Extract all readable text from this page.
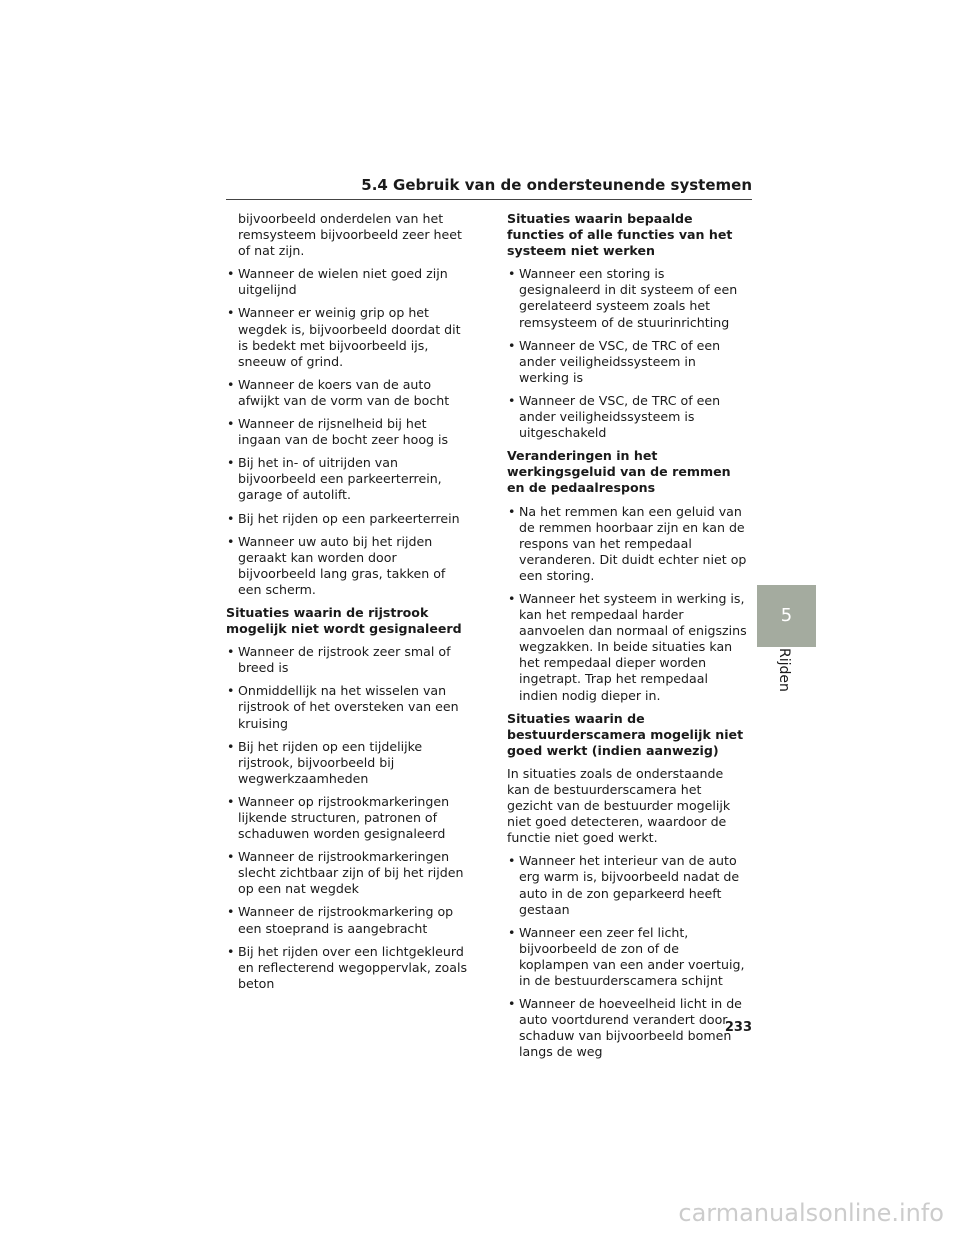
5.4 Gebruik van de ondersteunende systemen

bijvoorbeeld onderdelen van het remsysteem bijvoorbeeld zeer heet of nat zijn.

• Wanneer de wielen niet goed zijn uitgelijnd
• Wanneer er weinig grip op het wegdek is, bijvoorbeeld doordat dit is bedekt met bijvoorbeeld ijs, sneeuw of grind.
• Wanneer de koers van de auto afwijkt van de vorm van de bocht
• Wanneer de rijsnelheid bij het ingaan van de bocht zeer hoog is
• Bij het in- of uitrijden van bijvoorbeeld een parkeerterrein, garage of autolift.
• Bij het rijden op een parkeerterrein
• Wanneer uw auto bij het rijden geraakt kan worden door bijvoorbeeld lang gras, takken of een scherm.

Situaties waarin de rijstrook mogelijk niet wordt gesignaleerd

• Wanneer de rijstrook zeer smal of breed is
• Onmiddellijk na het wisselen van rijstrook of het oversteken van een kruising
• Bij het rijden op een tijdelijke rijstrook, bijvoorbeeld bij wegwerkzaamheden
• Wanneer op rijstrookmarkeringen lijkende structuren, patronen of schaduwen worden gesignaleerd
• Wanneer de rijstrookmarkeringen slecht zichtbaar zijn of bij het rijden op een nat wegdek
• Wanneer de rijstrookmarkering op een stoeprand is aangebracht
• Bij het rijden over een lichtgekleurd en reflecterend wegoppervlak, zoals beton

Situaties waarin bepaalde functies of alle functies van het systeem niet werken

• Wanneer een storing is gesignaleerd in dit systeem of een gerelateerd systeem zoals het remsysteem of de stuurinrichting
• Wanneer de VSC, de TRC of een ander veiligheidssysteem in werking is
• Wanneer de VSC, de TRC of een ander veiligheidssysteem is uitgeschakeld

Veranderingen in het werkingsgeluid van de remmen en de pedaalrespons

• Na het remmen kan een geluid van de remmen hoorbaar zijn en kan de respons van het rempedaal veranderen. Dit duidt echter niet op een storing.
• Wanneer het systeem in werking is, kan het rempedaal harder aanvoelen dan normaal of enigszins wegzakken. In beide situaties kan het rempedaal dieper worden ingetrapt. Trap het rempedaal indien nodig dieper in.

Situaties waarin de bestuurderscamera mogelijk niet goed werkt (indien aanwezig)

In situaties zoals de onderstaande kan de bestuurderscamera het gezicht van de bestuurder mogelijk niet goed detecteren, waardoor de functie niet goed werkt.

• Wanneer het interieur van de auto erg warm is, bijvoorbeeld nadat de auto in de zon geparkeerd heeft gestaan
• Wanneer een zeer fel licht, bijvoorbeeld de zon of de koplampen van een ander voertuig, in de bestuurderscamera schijnt
• Wanneer de hoeveelheid licht in de auto voortdurend verandert door schaduw van bijvoorbeeld bomen langs de weg
5
Rijden
233
carmanualsonline.info
